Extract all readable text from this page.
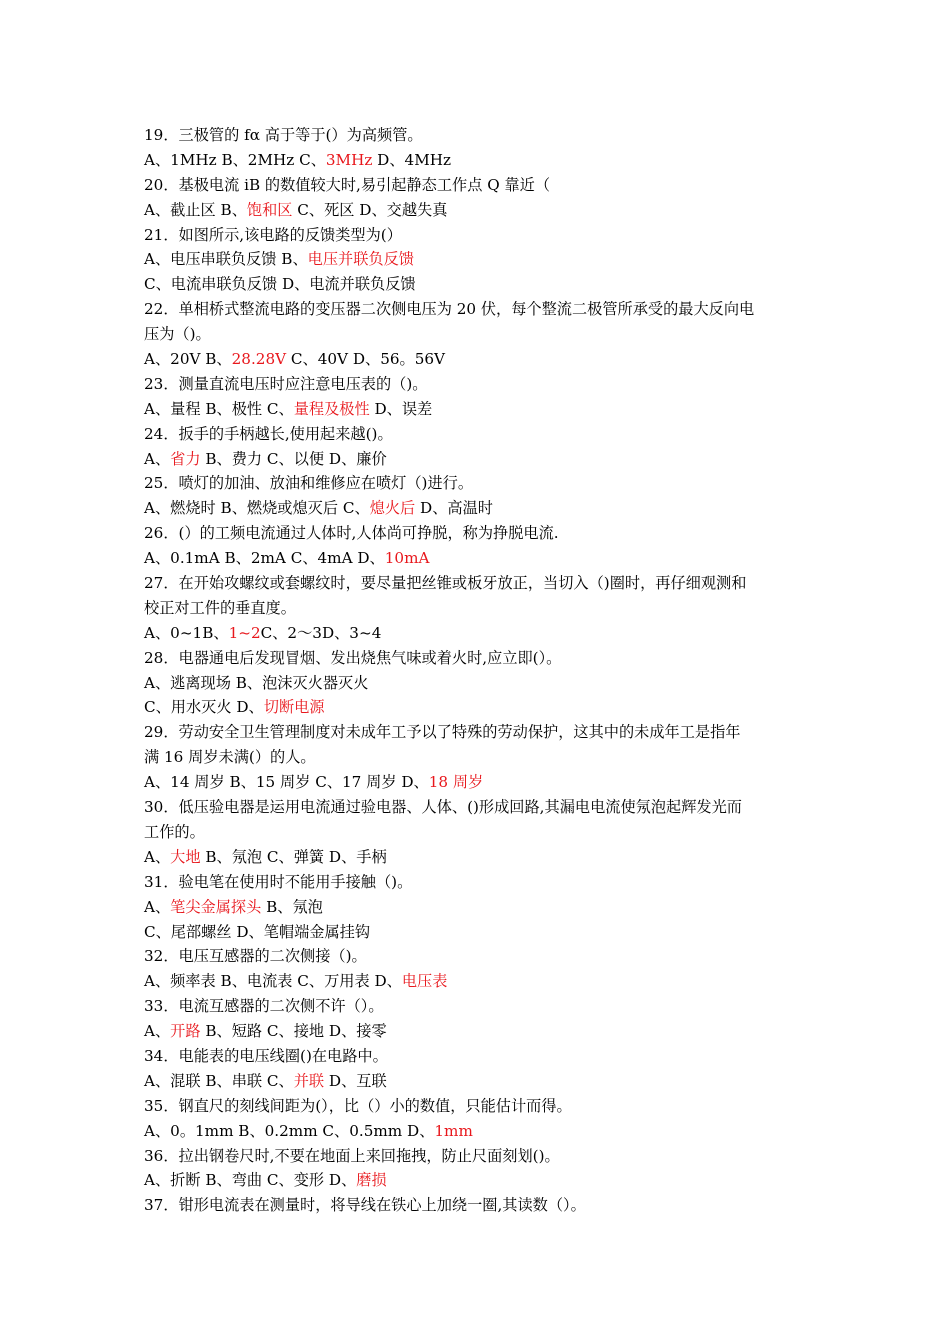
19．三极管的 fα 高于等于(）为高频管。
A、1MHz B、2MHz C、3MHz D、4MHz
20．基极电流 iB 的数值较大时,易引起静态工作点 Q 靠近（
A、截止区 B、饱和区 C、死区 D、交越失真
21．如图所示,该电路的反馈类型为(）
A、电压串联负反馈 B、电压并联负反馈
C、电流串联负反馈 D、电流并联负反馈
22．单相桥式整流电路的变压器二次侧电压为 20 伏，每个整流二极管所承受的最大反向电
压为（)。
A、20V B、28.28V C、40V D、56。56V
23．测量直流电压时应注意电压表的（)。
A、量程 B、极性 C、量程及极性 D、误差
24．扳手的手柄越长,使用起来越()。
A、省力 B、费力 C、以便 D、廉价
25．喷灯的加油、放油和维修应在喷灯（)进行。
A、燃烧时 B、燃烧或熄灭后 C、熄火后 D、高温时
26．(）的工频电流通过人体时,人体尚可挣脱，称为挣脱电流.
A、0.1mA B、2mA C、4mA D、10mA
27．在开始攻螺纹或套螺纹时，要尽量把丝锥或板牙放正，当切入（)圈时，再仔细观测和
校正对工件的垂直度。
A、0~1B、1~2C、2～3D、3~4
28．电器通电后发现冒烟、发出烧焦气味或着火时,应立即(）。
A、逃离现场 B、泡沫灭火器灭火
C、用水灭火 D、切断电源
29．劳动安全卫生管理制度对未成年工予以了特殊的劳动保护，这其中的未成年工是指年
满 16 周岁未满(）的人。
A、14 周岁 B、15 周岁 C、17 周岁 D、18 周岁
30．低压验电器是运用电流通过验电器、人体、()形成回路,其漏电电流使氖泡起辉发光而
工作的。
A、大地 B、氖泡 C、弹簧 D、手柄
31．验电笔在使用时不能用手接触（)。
A、笔尖金属探头 B、氖泡
C、尾部螺丝 D、笔帽端金属挂钩
32．电压互感器的二次侧接（)。
A、频率表 B、电流表 C、万用表 D、电压表
33．电流互感器的二次侧不许（）。
A、开路 B、短路 C、接地 D、接零
34．电能表的电压线圈()在电路中。
A、混联 B、串联 C、并联 D、互联
35．钢直尺的刻线间距为(），比（）小的数值，只能估计而得。
A、0。1mm B、0.2mm C、0.5mm D、1mm
36．拉出钢卷尺时,不要在地面上来回拖拽，防止尺面刻划()。
A、折断 B、弯曲 C、变形 D、磨损
37．钳形电流表在测量时，将导线在铁心上加绕一圈,其读数（）。
